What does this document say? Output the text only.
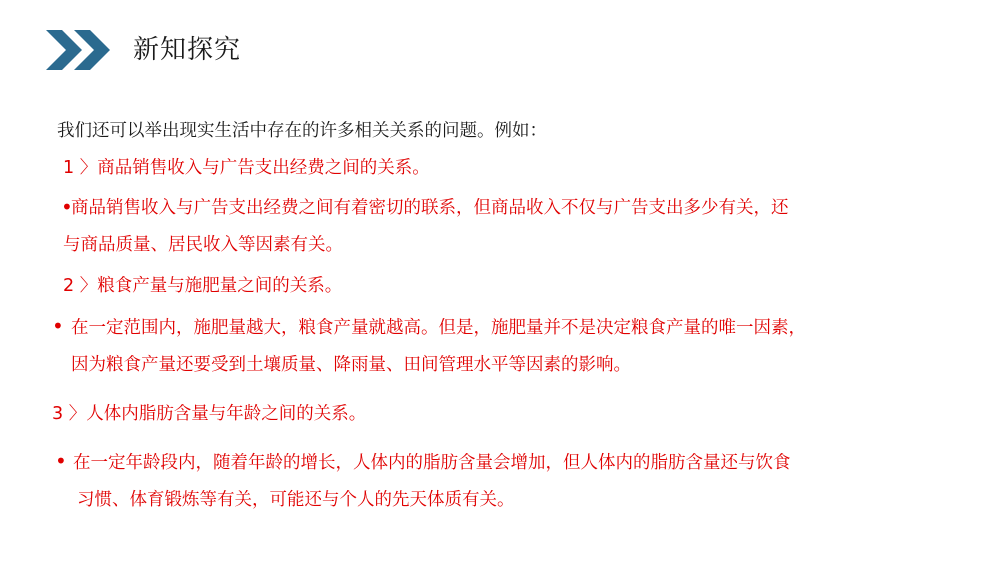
新知探究
我们还可以举出现实生活中存在的许多相关关系的问题。例如：
1 〉商品销售收入与广告支出经费之间的关系。
•
商品销售收入与广告支出经费之间有着密切的联系，但商品收入不仅与广告支出多少有关，还
与商品质量、居民收入等因素有关。
2 〉粮食产量与施肥量之间的关系。
• 在一定范围内，施肥量越大，粮食产量就越高。但是，施肥量并不是决定粮食产量的唯一因素，
因为粮食产量还要受到土壤质量、降雨量、田间管理水平等因素的影响。
3 〉人体内脂肪含量与年龄之间的关系。
• 在一定年龄段内，随着年龄的增长，人体内的脂肪含量会增加，但人体内的脂肪含量还与饮食
习惯、体育锻炼等有关，可能还与个人的先天体质有关。
